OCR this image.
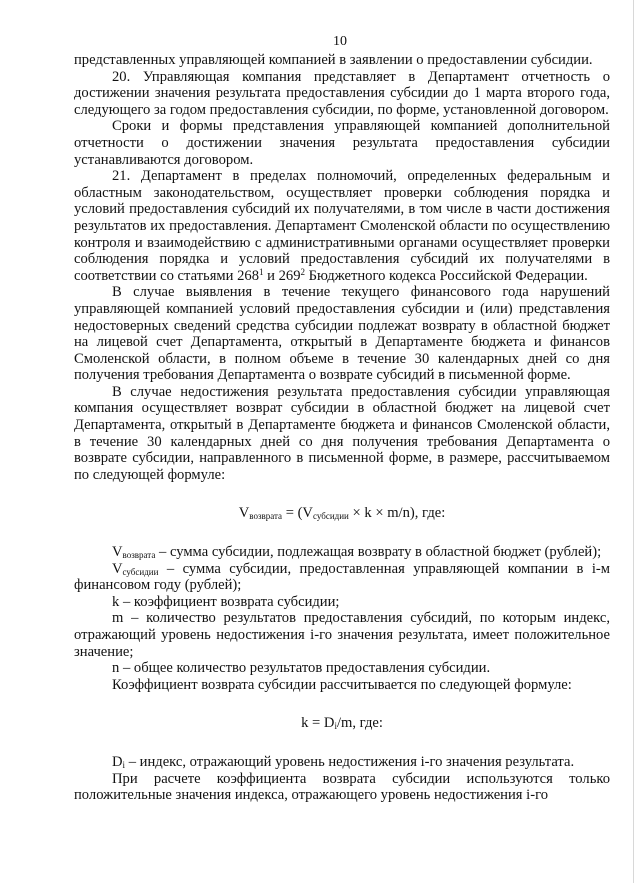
10

представленных управляющей компанией в заявлении о предоставлении субсидии.

20. Управляющая компания представляет в Департамент отчетность о достижении значения результата предоставления субсидии до 1 марта второго года, следующего за годом предоставления субсидии, по форме, установленной договором.

Сроки и формы представления управляющей компанией дополнительной отчетности о достижении значения результата предоставления субсидии устанавливаются договором.

21. Департамент в пределах полномочий, определенных федеральным и областным законодательством, осуществляет проверки соблюдения порядка и условий предоставления субсидий их получателями, в том числе в части достижения результатов их предоставления. Департамент Смоленской области по осуществлению контроля и взаимодействию с административными органами осуществляет проверки соблюдения порядка и условий предоставления субсидий их получателями в соответствии со статьями $268^1$ и $269^2$ Бюджетного кодекса Российской Федерации.

В случае выявления в течение текущего финансового года нарушений управляющей компанией условий предоставления субсидии и (или) представления недостоверных сведений средства субсидии подлежат возврату в областной бюджет на лицевой счет Департамента, открытый в Департаменте бюджета и финансов Смоленской области, в полном объеме в течение 30 календарных дней со дня получения требования Департамента о возврате субсидий в письменной форме.

В случае недостижения результата предоставления субсидии управляющая компания осуществляет возврат субсидии в областной бюджет на лицевой счет Департамента, открытый в Департаменте бюджета и финансов Смоленской области, в течение 30 календарных дней со дня получения требования Департамента о возврате субсидии, направленного в письменной форме, в размере, рассчитываемом по следующей формуле:

$V_{возврата} = (V_{субсидии} \times k \times m/n)$, где:

$V_{возврата}$ – сумма субсидии, подлежащая возврату в областной бюджет (рублей);

$V_{субсидии}$ – сумма субсидии, предоставленная управляющей компании в i-м финансовом году (рублей);

k – коэффициент возврата субсидии;

m – количество результатов предоставления субсидий, по которым индекс, отражающий уровень недостижения i-го значения результата, имеет положительное значение;

n – общее количество результатов предоставления субсидии.

Коэффициент возврата субсидии рассчитывается по следующей формуле:

$k = D_i/m$, где:

$D_i$ – индекс, отражающий уровень недостижения i-го значения результата.

При расчете коэффициента возврата субсидии используются только положительные значения индекса, отражающего уровень недостижения i-го
